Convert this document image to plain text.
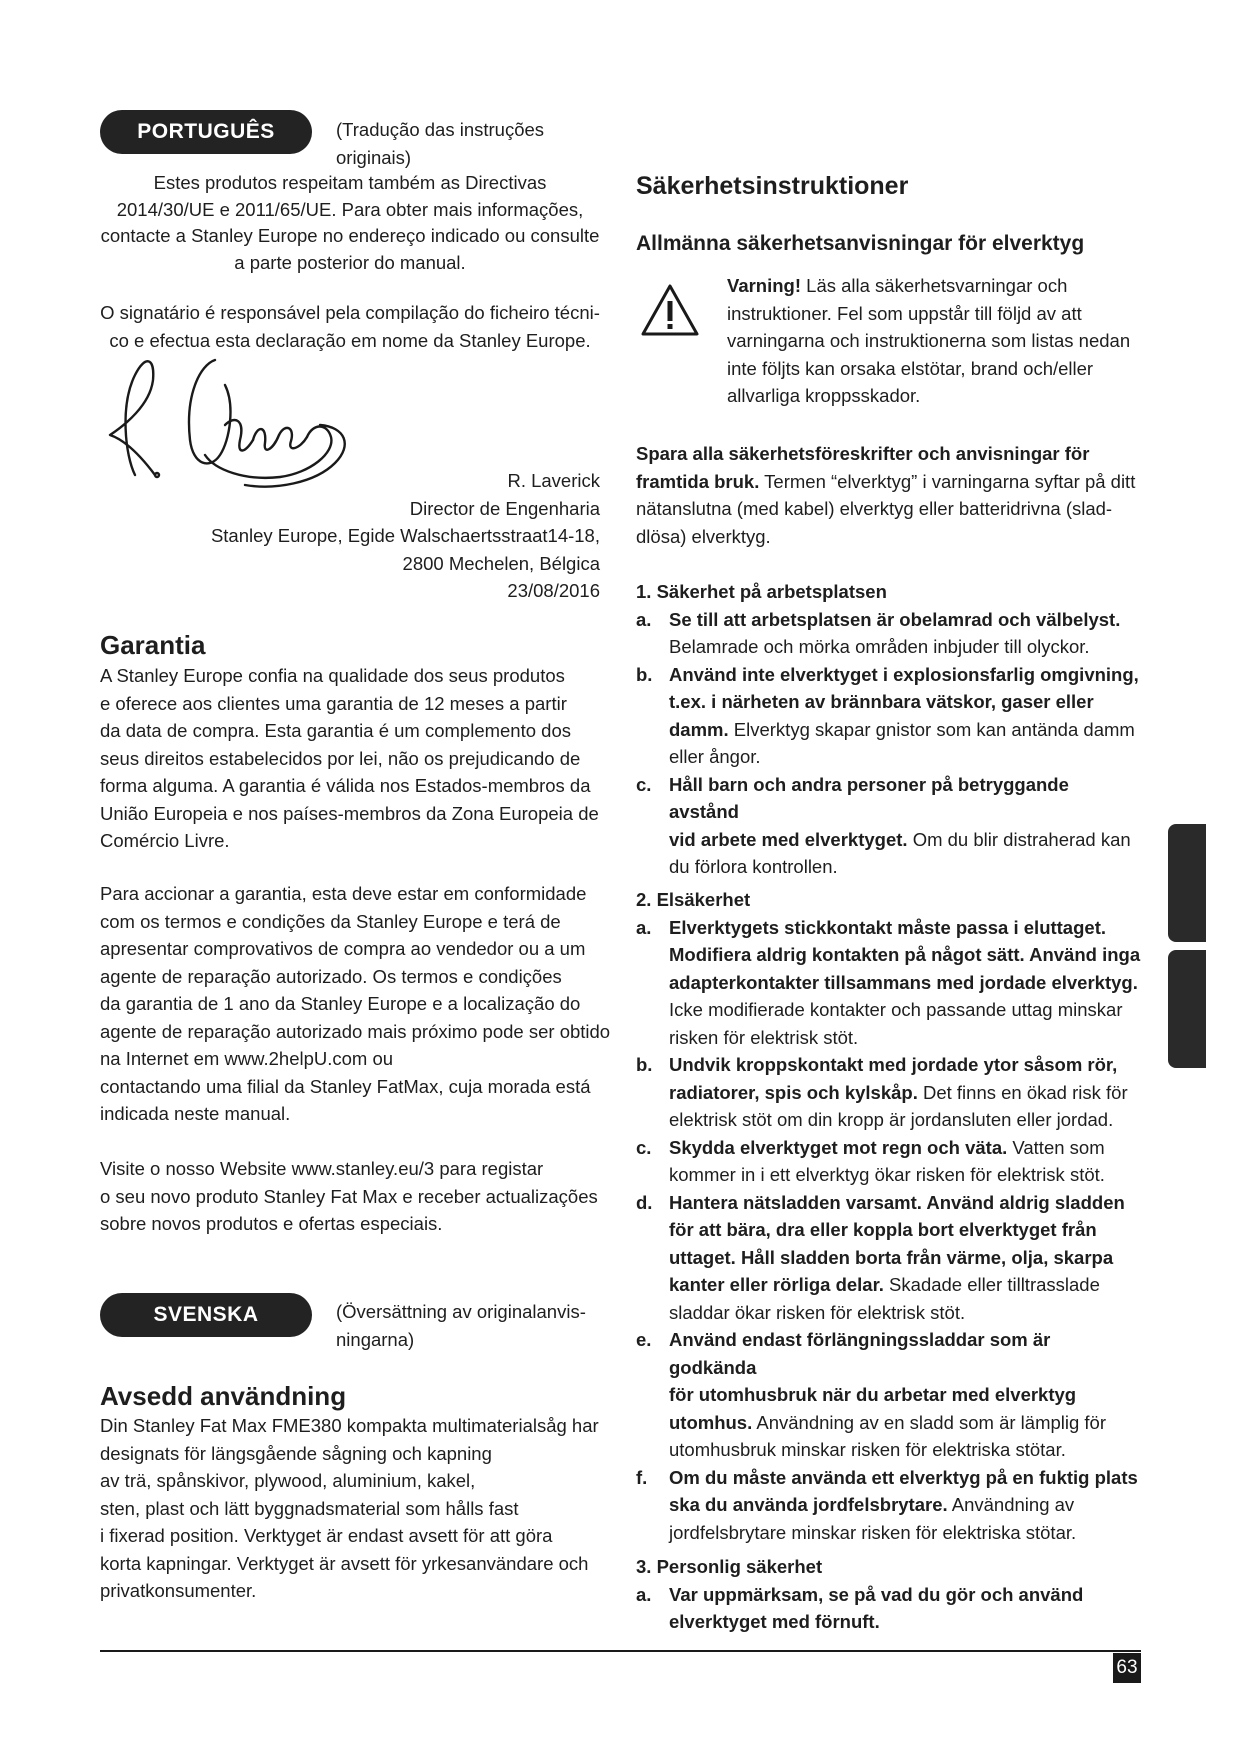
PORTUGUÊS	(Tradução das instruções
originais)
Estes produtos respeitam também as Directivas
2014/30/UE e 2011/65/UE. Para obter mais informações,
contacte a Stanley Europe no endereço indicado ou consulte
a parte posterior do manual.
O signatário é responsável pela compilação do ficheiro técni-
co e efectua esta declaração em nome da Stanley Europe.
R. Laverick
Director de Engenharia
Stanley Europe, Egide Walschaertsstraat14-18,
2800 Mechelen, Bélgica
23/08/2016
Garantia
A Stanley Europe confia na qualidade dos seus produtos
e oferece aos clientes uma garantia de 12 meses a partir
da data de compra. Esta garantia é um complemento dos
seus direitos estabelecidos por lei, não os prejudicando de
forma alguma. A garantia é válida nos Estados-membros da
União Europeia e nos países-membros da Zona Europeia de
Comércio Livre.
Para accionar a garantia, esta deve estar em conformidade
com os termos e condições da Stanley Europe e terá de
apresentar comprovativos de compra ao vendedor ou a um
agente de reparação autorizado. Os termos e condições
da garantia de 1 ano da Stanley Europe e a localização do
agente de reparação autorizado mais próximo pode ser obtido
na Internet em www.2helpU.com ou
contactando uma filial da Stanley FatMax, cuja morada está
indicada neste manual.
Visite o nosso Website www.stanley.eu/3 para registar
o seu novo produto Stanley Fat Max e receber actualizações
sobre novos produtos e ofertas especiais.
SVENSKA	(Översättning av originalanvis-
ningarna)
Avsedd användning
Din Stanley Fat Max FME380 kompakta multimaterialsåg har
designats för längsgående sågning och kapning
av trä, spånskivor, plywood, aluminium, kakel,
sten, plast och lätt byggnadsmaterial som hålls fast
i fixerad position. Verktyget är endast avsett för att göra
korta kapningar. Verktyget är avsett för yrkesanvändare och
privatkonsumenter.
Säkerhetsinstruktioner
Allmänna säkerhetsanvisningar för elverktyg
Varning! Läs alla säkerhetsvarningar och
instruktioner. Fel som uppstår till följd av att
varningarna och instruktionerna som listas nedan
inte följts kan orsaka elstötar, brand och/eller
allvarliga kroppsskador.
Spara alla säkerhetsföreskrifter och anvisningar för
framtida bruk. Termen “elverktyg” i varningarna syftar på ditt
nätanslutna (med kabel) elverktyg eller batteridrivna (slad-
dlösa) elverktyg.
1. Säkerhet på arbetsplatsen
a. Se till att arbetsplatsen är obelamrad och välbelyst.
Belamrade och mörka områden inbjuder till olyckor.
b. Använd inte elverktyget i explosionsfarlig omgivning,
t.ex. i närheten av brännbara vätskor, gaser eller
damm. Elverktyg skapar gnistor som kan antända damm
eller ångor.
c. Håll barn och andra personer på betryggande avstånd
vid arbete med elverktyget. Om du blir distraherad kan
du förlora kontrollen.
2. Elsäkerhet
a. Elverktygets stickkontakt måste passa i eluttaget.
Modifiera aldrig kontakten på något sätt. Använd inga
adapterkontakter tillsammans med jordade elverktyg.
Icke modifierade kontakter och passande uttag minskar
risken för elektrisk stöt.
b. Undvik kroppskontakt med jordade ytor såsom rör,
radiatorer, spis och kylskåp. Det finns en ökad risk för
elektrisk stöt om din kropp är jordansluten eller jordad.
c. Skydda elverktyget mot regn och väta. Vatten som
kommer in i ett elverktyg ökar risken för elektrisk stöt.
d. Hantera nätsladden varsamt. Använd aldrig sladden
för att bära, dra eller koppla bort elverktyget från
uttaget. Håll sladden borta från värme, olja, skarpa
kanter eller rörliga delar. Skadade eller tilltrasslade
sladdar ökar risken för elektrisk stöt.
e. Använd endast förlängningssladdar som är godkända
för utomhusbruk när du arbetar med elverktyg
utomhus. Användning av en sladd som är lämplig för
utomhusbruk minskar risken för elektriska stötar.
f. Om du måste använda ett elverktyg på en fuktig plats
ska du använda jordfelsbrytare. Användning av
jordfelsbrytare minskar risken för elektriska stötar.
3. Personlig säkerhet
a. Var uppmärksam, se på vad du gör och använd
elverktyget med förnuft.
63
